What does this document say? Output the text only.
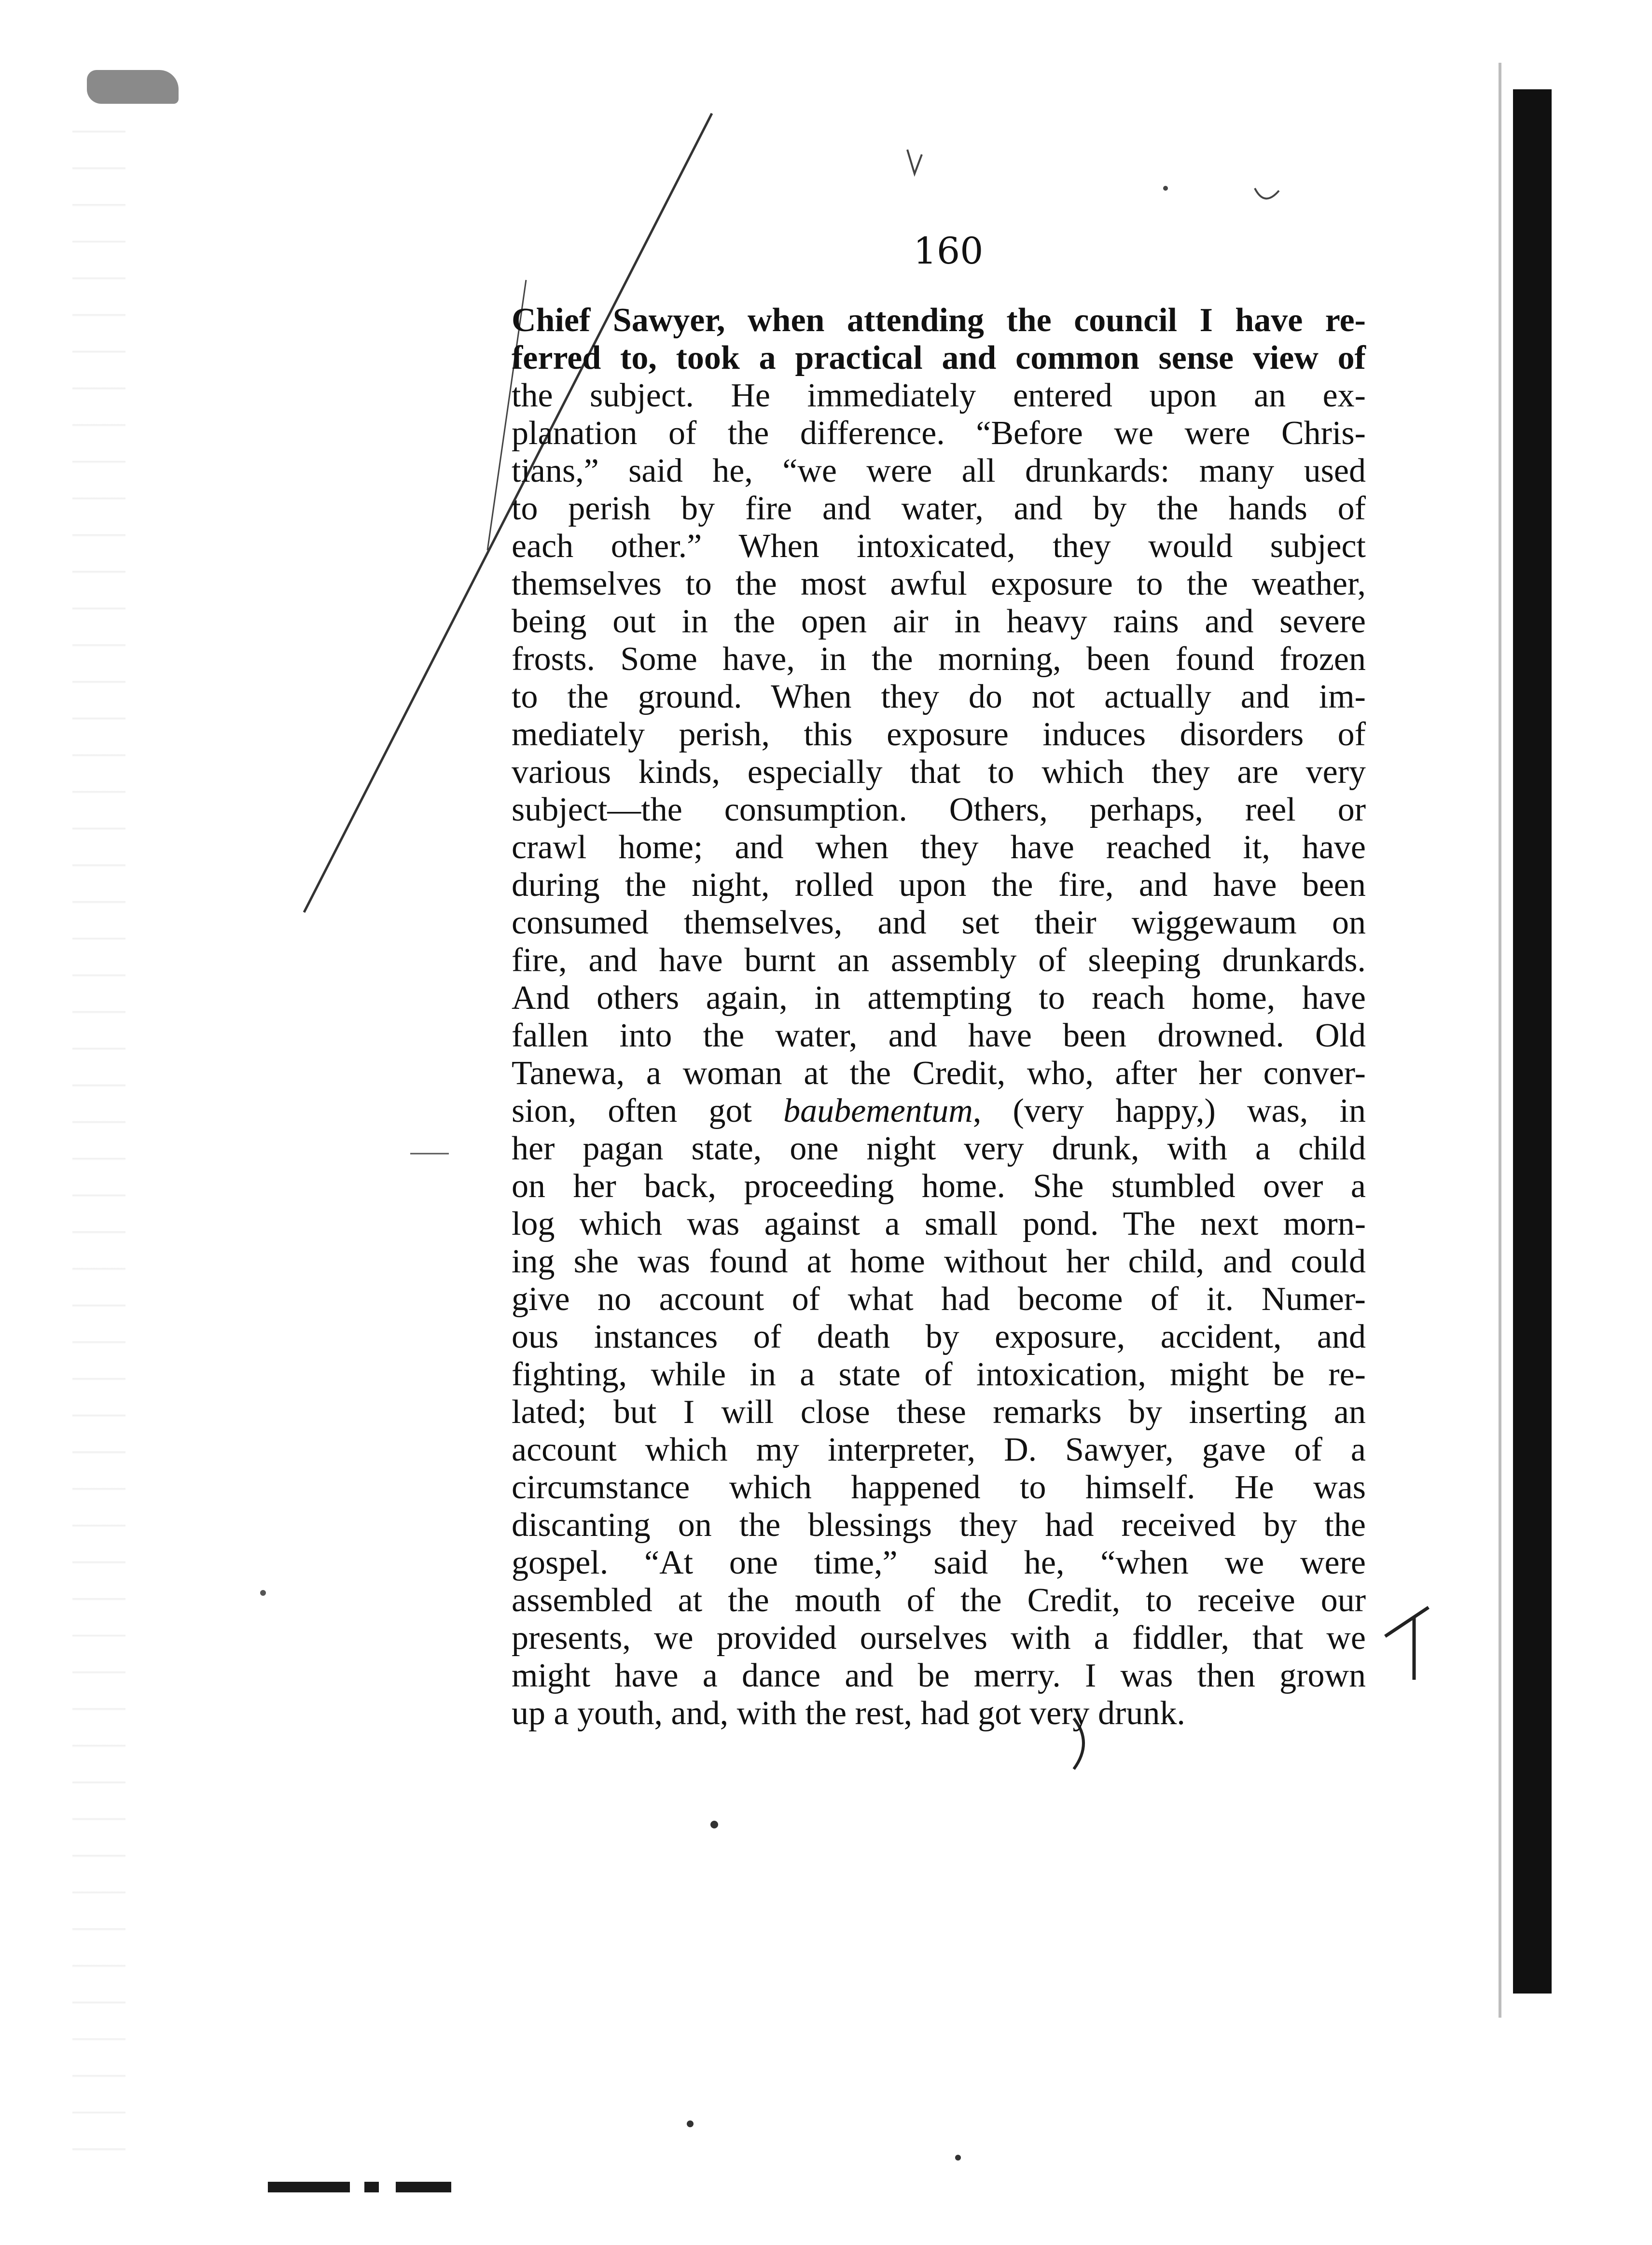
160
Chief Sawyer, when attending the council I have re-
ferred to, took a practical and common sense view of
the subject. He immediately entered upon an ex-
planation of the difference. “Before we were Chris-
tians,” said he, “we were all drunkards: many used
to perish by fire and water, and by the hands of
each other.” When intoxicated, they would subject
themselves to the most awful exposure to the weather,
being out in the open air in heavy rains and severe
frosts. Some have, in the morning, been found frozen
to the ground. When they do not actually and im-
mediately perish, this exposure induces disorders of
various kinds, especially that to which they are very
subject—the consumption. Others, perhaps, reel or
crawl home; and when they have reached it, have
during the night, rolled upon the fire, and have been
consumed themselves, and set their wiggewaum on
fire, and have burnt an assembly of sleeping drunkards.
And others again, in attempting to reach home, have
fallen into the water, and have been drowned. Old
Tanewa, a woman at the Credit, who, after her conver-
sion, often got baubementum, (very happy,) was, in
her pagan state, one night very drunk, with a child
on her back, proceeding home. She stumbled over a
log which was against a small pond. The next morn-
ing she was found at home without her child, and could
give no account of what had become of it. Numer-
ous instances of death by exposure, accident, and
fighting, while in a state of intoxication, might be re-
lated; but I will close these remarks by inserting an
account which my interpreter, D. Sawyer, gave of a
circumstance which happened to himself. He was
discanting on the blessings they had received by the
gospel. “At one time,” said he, “when we were
assembled at the mouth of the Credit, to receive our
presents, we provided ourselves with a fiddler, that we
might have a dance and be merry. I was then grown
up a youth, and, with the rest, had got very drunk.
